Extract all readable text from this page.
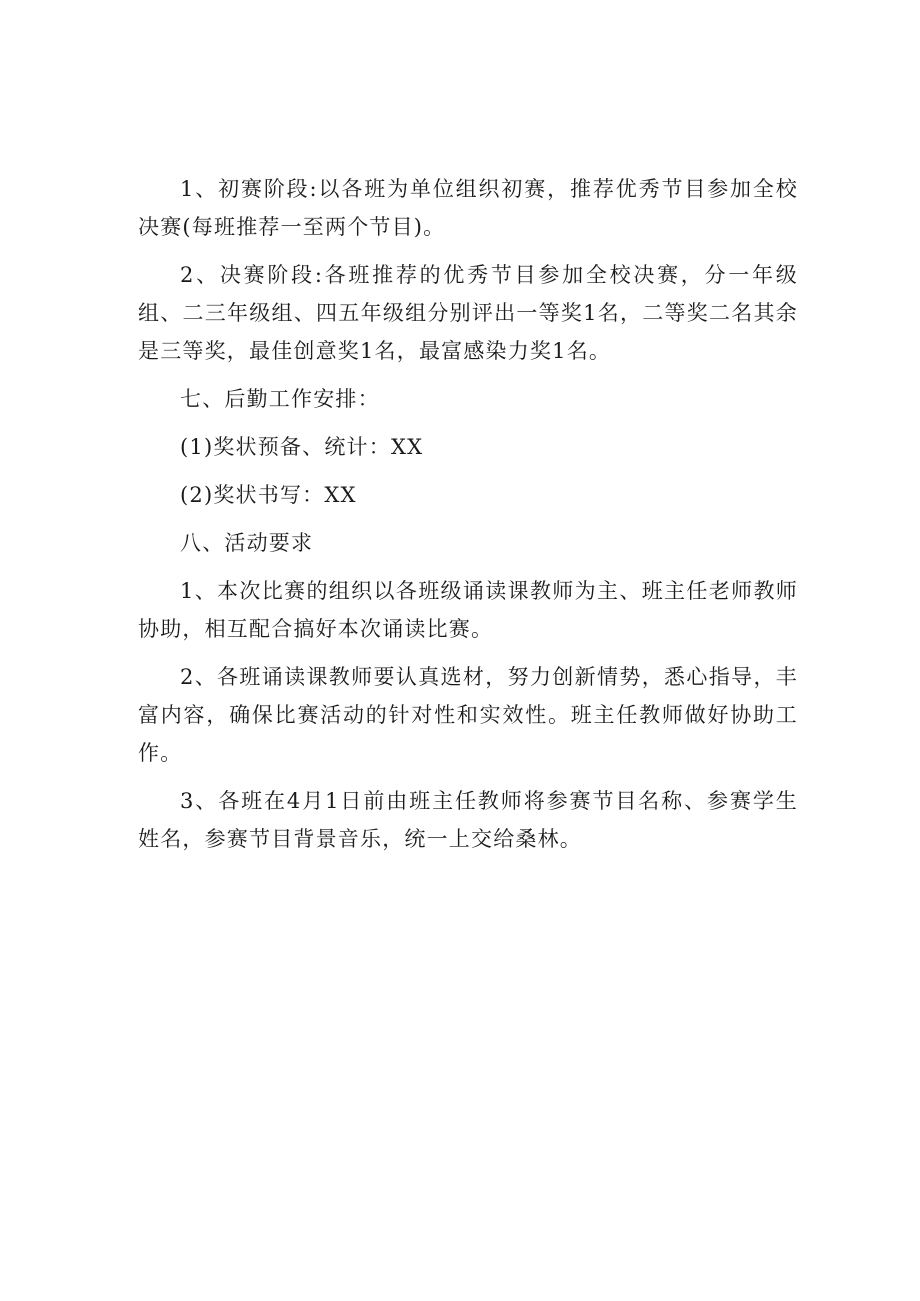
1、初赛阶段:以各班为单位组织初赛，推荐优秀节目参加全校决赛(每班推荐一至两个节目)。

2、决赛阶段:各班推荐的优秀节目参加全校决赛，分一年级组、二三年级组、四五年级组分别评出一等奖1名，二等奖二名其余是三等奖，最佳创意奖1名，最富感染力奖1名。

七、后勤工作安排：

(1)奖状预备、统计：XX

(2)奖状书写：XX

八、活动要求

1、本次比赛的组织以各班级诵读课教师为主、班主任老师教师协助，相互配合搞好本次诵读比赛。

2、各班诵读课教师要认真选材，努力创新情势，悉心指导，丰富内容，确保比赛活动的针对性和实效性。班主任教师做好协助工作。

3、各班在4月1日前由班主任教师将参赛节目名称、参赛学生姓名，参赛节目背景音乐，统一上交给桑林。
